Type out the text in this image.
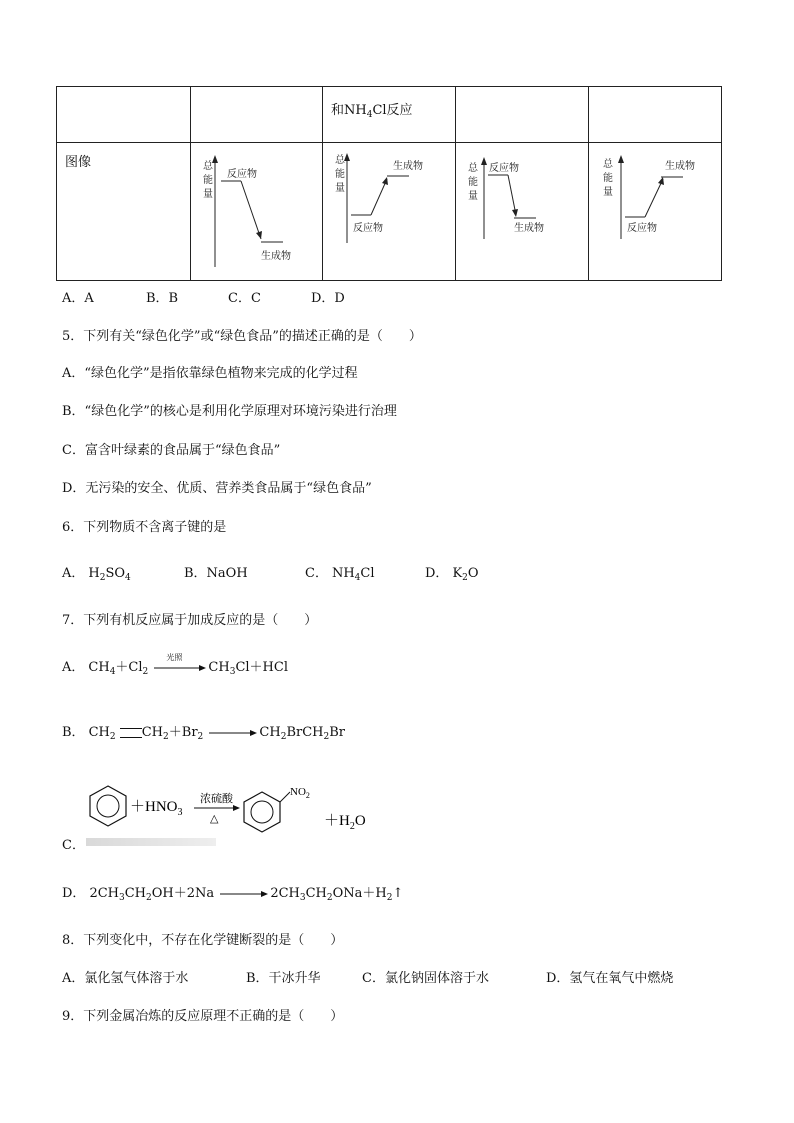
		和$NH_4Cl$反应		

图像	总
能
量
反应物
生成物	总
能
量
反应物
生成物	总
能
量
反应物
生成物	总
能
量
反应物
生成物
A．A	B．B	C．C	D．D
5．下列有关“绿色化学”或“绿色食品”的描述正确的是（　　）
A．“绿色化学”是指依靠绿色植物来完成的化学过程
B．“绿色化学”的核心是利用化学原理对环境污染进行治理
C．富含叶绿素的食品属于“绿色食品”
D．无污染的安全、优质、营养类食品属于“绿色食品”
6．下列物质不含离子键的是
A． $H_2SO_4$	B．NaOH	C． $NH_4Cl$	D． $K_2O$
7．下列有机反应属于加成反应的是（　　）
A． $CH_4+Cl_2$
光照
$CH_3Cl+HCl$
B． $CH_2$ $CH_2+Br_2$ $\to CH_2BrCH_2Br$
C．
$+HNO_3$
浓硫酸
△
$NO_2$
$+H_2O$
D． $2CH_3CH_2OH+2Na$ $\to 2CH_3CH_2ONa+H_2↑$
8．下列变化中，不存在化学键断裂的是（　　）
A．氯化氢气体溶于水	B．干冰升华	C．氯化钠固体溶于水	D．氢气在氧气中燃烧
9．下列金属冶炼的反应原理不正确的是（　　）
